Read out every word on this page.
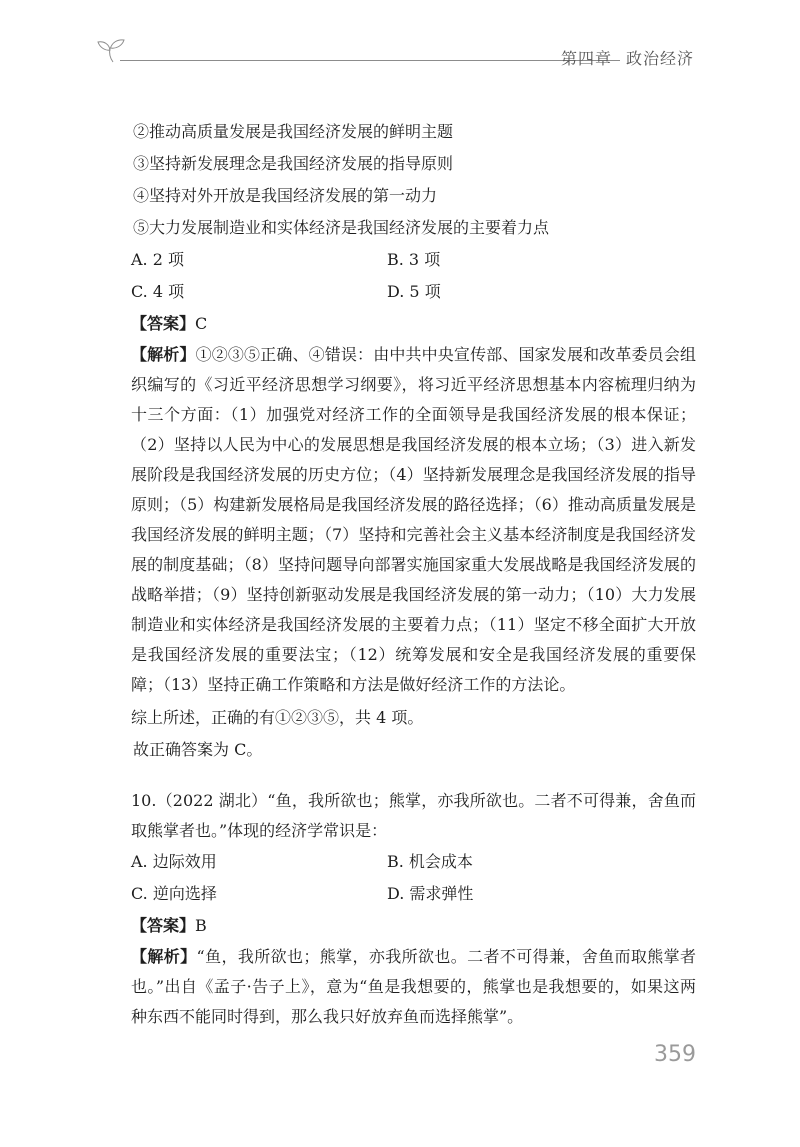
第四章 政治经济
②推动高质量发展是我国经济发展的鲜明主题
③坚持新发展理念是我国经济发展的指导原则
④坚持对外开放是我国经济发展的第一动力
⑤大力发展制造业和实体经济是我国经济发展的主要着力点
A. 2 项	B. 3 项
C. 4 项	D. 5 项
【答案】C
【解析】①②③⑤正确、④错误：由中共中央宣传部、国家发展和改革委员会组织编写的《习近平经济思想学习纲要》，将习近平经济思想基本内容梳理归纳为十三个方面：（1）加强党对经济工作的全面领导是我国经济发展的根本保证；（2）坚持以人民为中心的发展思想是我国经济发展的根本立场；（3）进入新发展阶段是我国经济发展的历史方位；（4）坚持新发展理念是我国经济发展的指导原则；（5）构建新发展格局是我国经济发展的路径选择；（6）推动高质量发展是我国经济发展的鲜明主题；（7）坚持和完善社会主义基本经济制度是我国经济发展的制度基础；（8）坚持问题导向部署实施国家重大发展战略是我国经济发展的战略举措；（9）坚持创新驱动发展是我国经济发展的第一动力；（10）大力发展制造业和实体经济是我国经济发展的主要着力点；（11）坚定不移全面扩大开放是我国经济发展的重要法宝；（12）统筹发展和安全是我国经济发展的重要保障；（13）坚持正确工作策略和方法是做好经济工作的方法论。
综上所述，正确的有①②③⑤，共 4 项。
故正确答案为 C。
10.（2022 湖北）“鱼，我所欲也；熊掌，亦我所欲也。二者不可得兼，舍鱼而取熊掌者也。”体现的经济学常识是：
A. 边际效用	B. 机会成本
C. 逆向选择	D. 需求弹性
【答案】B
【解析】“鱼，我所欲也；熊掌，亦我所欲也。二者不可得兼，舍鱼而取熊掌者也。”出自《孟子·告子上》，意为“鱼是我想要的，熊掌也是我想要的，如果这两种东西不能同时得到，那么我只好放弃鱼而选择熊掌”。
359
